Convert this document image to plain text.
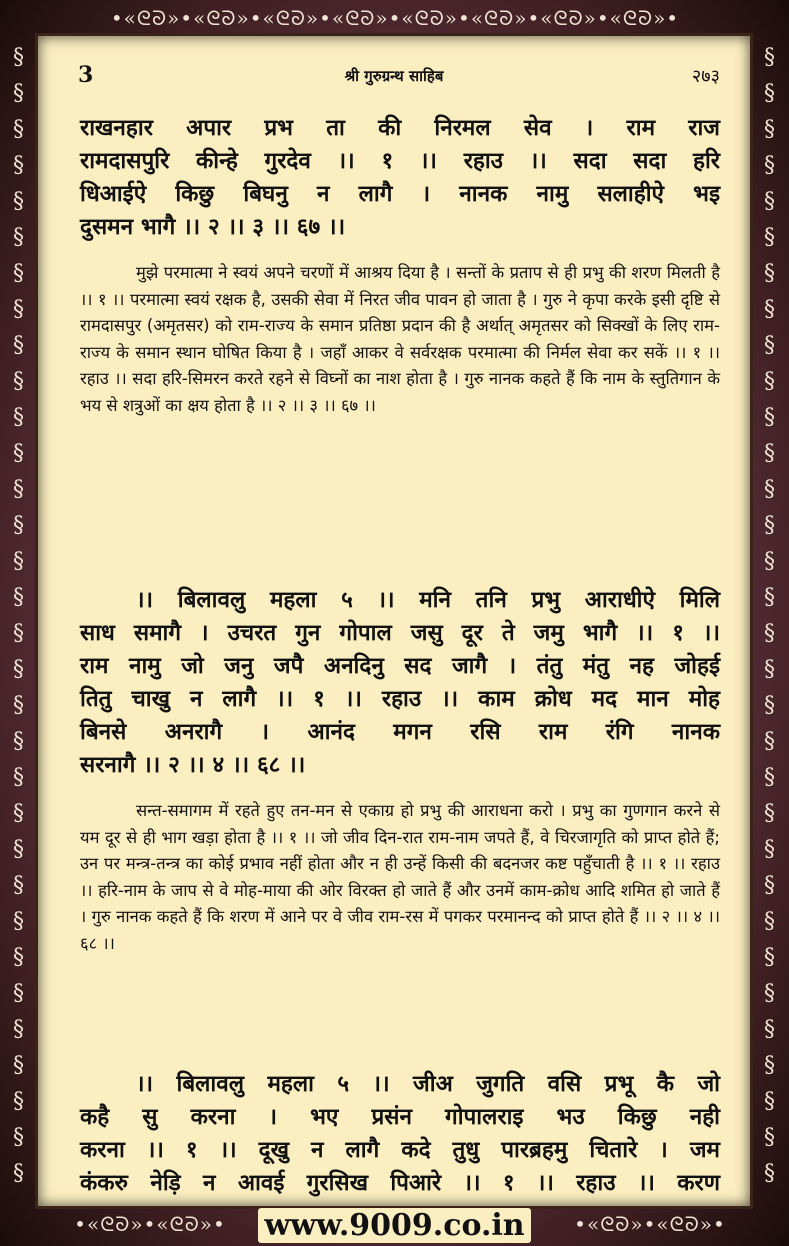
•«ᘓᘐ»•«ᘓᘐ»•«ᘓᘐ»•«ᘓᘐ»•«ᘓᘐ»•«ᘓᘐ»•«ᘓᘐ»•«ᘓᘐ»•
§ § § § § § § § § § § § § § § § § § § § § § § § § § § § § § § §
§ § § § § § § § § § § § § § § § § § § § § § § § § § § § § § § §
•«ᘓᘐ»•«ᘓᘐ»•	•«ᘓᘐ»•«ᘓᘐ»•
3	श्री गुरुग्रन्थ साहिब	२७३
राखनहार अपार प्रभ ता की निरमल सेव । राम राज
रामदासपुरि कीन्हे गुरदेव ।। १ ।। रहाउ ।। सदा सदा हरि
धिआईऐ किछु बिघनु न लागै । नानक नामु सलाहीऐ भइ
दुसमन भागै ।। २ ।। ३ ।। ६७ ।।
मुझे परमात्मा ने स्वयं अपने चरणों में आश्रय दिया है । सन्तों के प्रताप से ही प्रभु की शरण मिलती है ।। १ ।। परमात्मा स्वयं रक्षक है, उसकी सेवा में निरत जीव पावन हो जाता है । गुरु ने कृपा करके इसी दृष्टि से रामदासपुर (अमृतसर) को राम-राज्य के समान प्रतिष्ठा प्रदान की है अर्थात् अमृतसर को सिक्खों के लिए राम-राज्य के समान स्थान घोषित किया है । जहाँ आकर वे सर्वरक्षक परमात्मा की निर्मल सेवा कर सकें ।। १ ।। रहाउ ।। सदा हरि-सिमरन करते रहने से विघ्नों का नाश होता है । गुरु नानक कहते हैं कि नाम के स्तुतिगान के भय से शत्रुओं का क्षय होता है ।। २ ।। ३ ।। ६७ ।।
।। बिलावलु महला ५ ।। मनि तनि प्रभु आराधीऐ मिलि
साध समागै । उचरत गुन गोपाल जसु दूर ते जमु भागै ।। १ ।।
राम नामु जो जनु जपै अनदिनु सद जागै । तंतु मंतु नह जोहई
तितु चाखु न लागै ।। १ ।। रहाउ ।। काम क्रोध मद मान मोह
बिनसे अनरागै । आनंद मगन रसि राम रंगि नानक
सरनागै ।। २ ।। ४ ।। ६८ ।।
सन्त-समागम में रहते हुए तन-मन से एकाग्र हो प्रभु की आराधना करो । प्रभु का गुणगान करने से यम दूर से ही भाग खड़ा होता है ।। १ ।। जो जीव दिन-रात राम-नाम जपते हैं, वे चिरजागृति को प्राप्त होते हैं; उन पर मन्त्र-तन्त्र का कोई प्रभाव नहीं होता और न ही उन्हें किसी की बदनजर कष्ट पहुँचाती है ।। १ ।। रहाउ ।। हरि-नाम के जाप से वे मोह-माया की ओर विरक्त हो जाते हैं और उनमें काम-क्रोध आदि शमित हो जाते हैं । गुरु नानक कहते हैं कि शरण में आने पर वे जीव राम-रस में पगकर परमानन्द को प्राप्त होते हैं ।। २ ।। ४ ।। ६८ ।।
।। बिलावलु महला ५ ।। जीअ जुगति वसि प्रभू कै जो
कहै सु करना । भए प्रसंन गोपालराइ भउ किछु नही
करना ।। १ ।। दूखु न लागै कदे तुधु पारब्रहमु चितारे । जम
कंकरु नेड़ि न आवई गुरसिख पिआरे ।। १ ।। रहाउ ।। करण
www.9009.co.in
